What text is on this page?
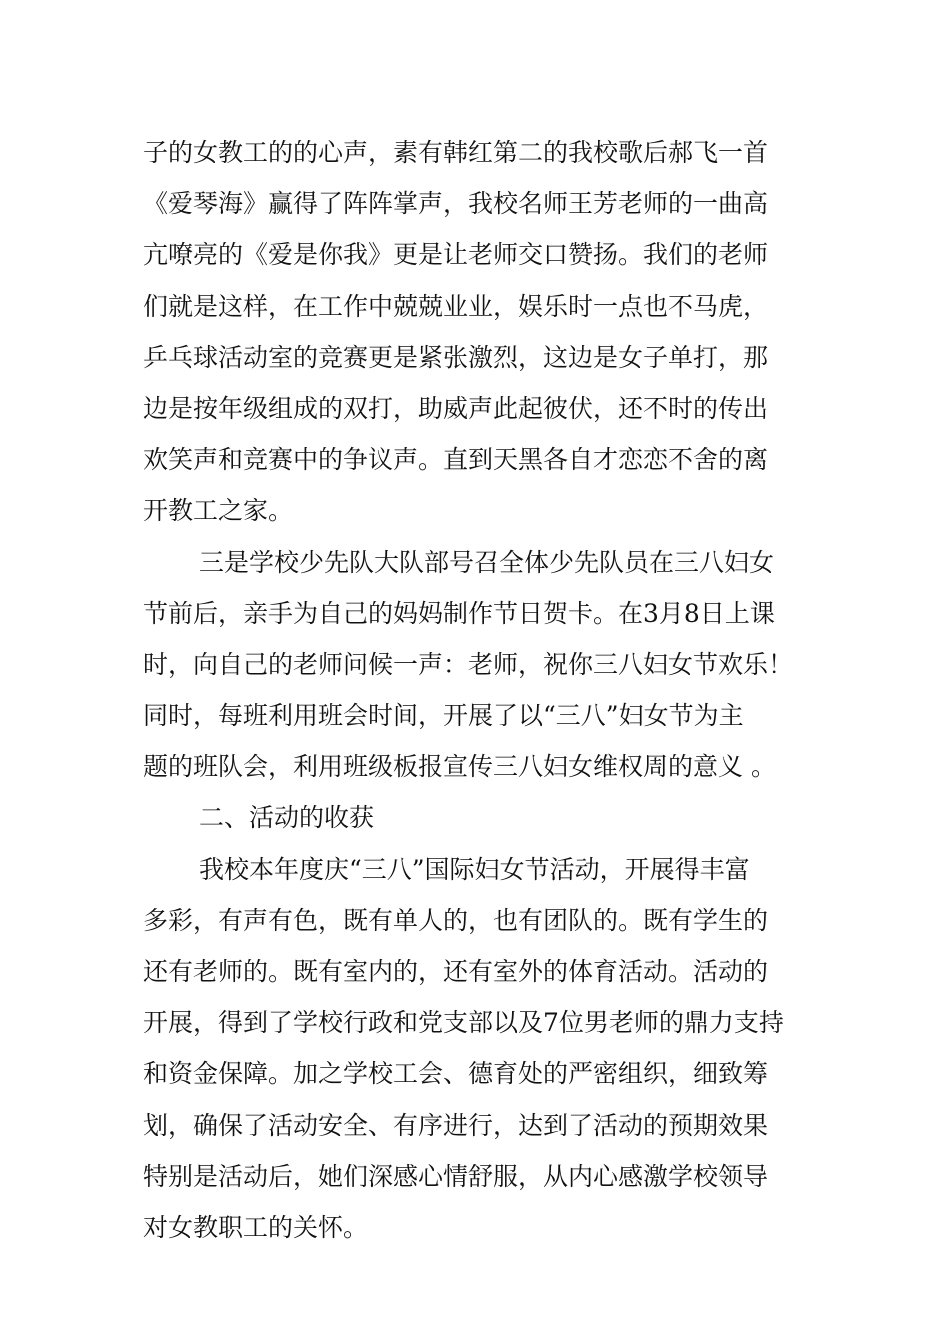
子的女教工的的心声，素有韩红第二的我校歌后郝飞一首
《爱琴海》赢得了阵阵掌声，我校名师王芳老师的一曲高
亢嘹亮的《爱是你我》更是让老师交口赞扬。我们的老师
们就是这样，在工作中兢兢业业，娱乐时一点也不马虎，
乒乓球活动室的竞赛更是紧张激烈，这边是女子单打，那
边是按年级组成的双打，助威声此起彼伏，还不时的传出
欢笑声和竞赛中的争议声。直到天黑各自才恋恋不舍的离
开教工之家。
三是学校少先队大队部号召全体少先队员在三八妇女
节前后，亲手为自己的妈妈制作节日贺卡。在3月8日上课
时，向自己的老师问候一声：老师，祝你三八妇女节欢乐！
同时，每班利用班会时间，开展了以“三八”妇女节为主
题的班队会，利用班级板报宣传三八妇女维权周的意义 。
二、活动的收获
我校本年度庆“三八”国际妇女节活动，开展得丰富
多彩，有声有色，既有单人的，也有团队的。既有学生的
还有老师的。既有室内的，还有室外的体育活动。活动的
开展，得到了学校行政和党支部以及7位男老师的鼎力支持
和资金保障。加之学校工会、德育处的严密组织，细致筹
划，确保了活动安全、有序进行，达到了活动的预期效果
特别是活动后，她们深感心情舒服，从内心感激学校领导
对女教职工的关怀。
